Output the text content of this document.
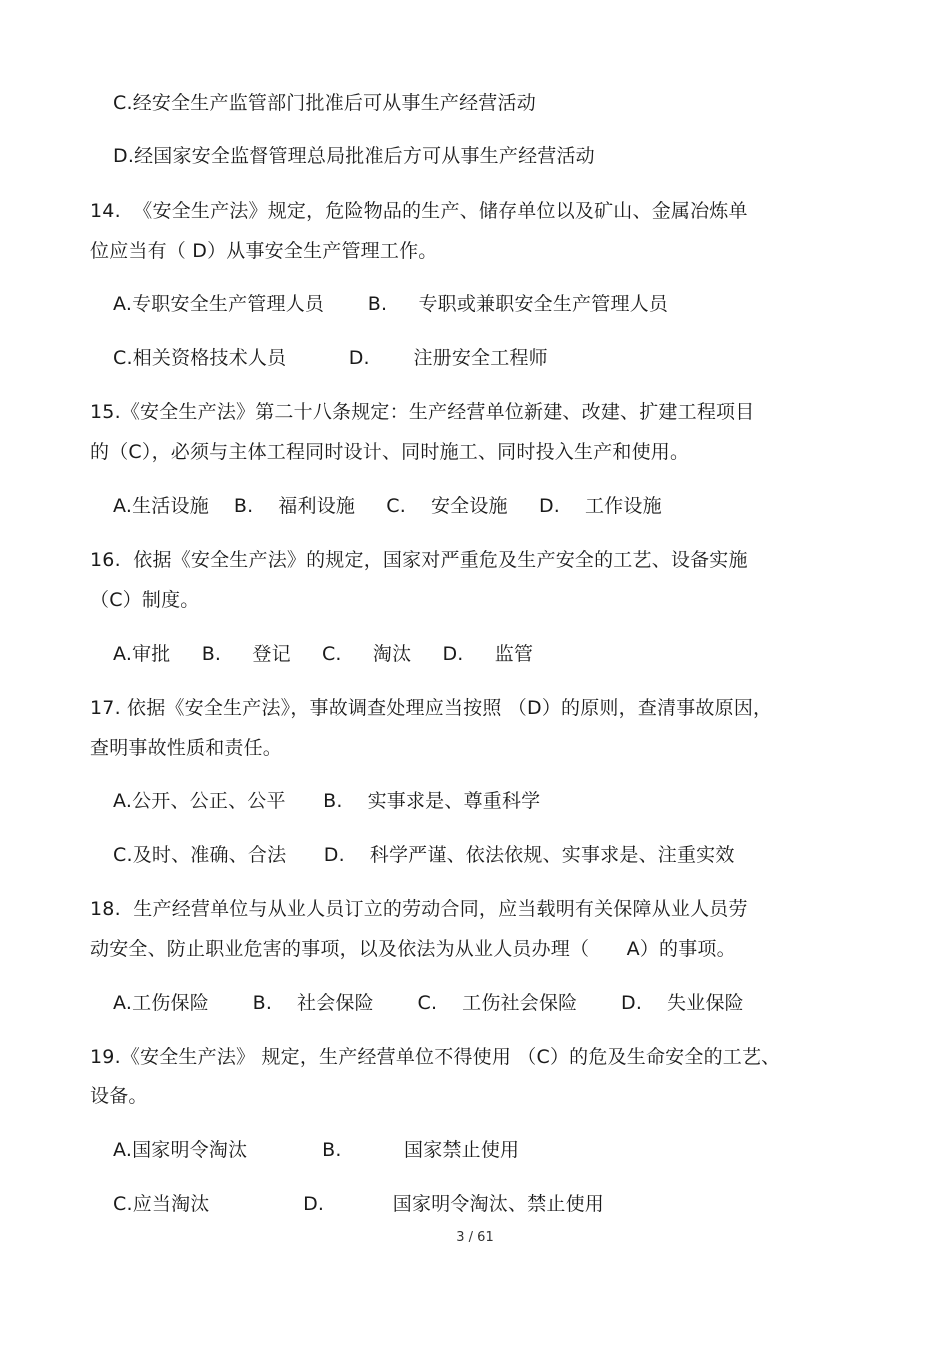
C.经安全生产监管部门批准后可从事生产经营活动
D.经国家安全监督管理总局批准后方可从事生产经营活动
14.  《安全生产法》规定，危险物品的生产、储存单位以及矿山、金属冶炼单
位应当有（ D）从事安全生产管理工作。
A.专职安全生产管理人员       B.     专职或兼职安全生产管理人员
C.相关资格技术人员          D.       注册安全工程师
15.《安全生产法》第二十八条规定：生产经营单位新建、改建、扩建工程项目
的（C），必须与主体工程同时设计、同时施工、同时投入生产和使用。
A.生活设施    B.    福利设施     C.    安全设施     D.    工作设施
16.  依据《安全生产法》的规定，国家对严重危及生产安全的工艺、设备实施
（C）制度。
A.审批     B.     登记     C.     淘汰     D.     监管
17. 依据《安全生产法》，事故调查处理应当按照 （D）的原则，查清事故原因，
查明事故性质和责任。
A.公开、公正、公平      B.    实事求是、尊重科学
C.及时、准确、合法      D.    科学严谨、依法依规、实事求是、注重实效
18.  生产经营单位与从业人员订立的劳动合同，应当载明有关保障从业人员劳
动安全、防止职业危害的事项，以及依法为从业人员办理（      A）的事项。
A.工伤保险       B.    社会保险       C.    工伤社会保险       D.    失业保险
19.《安全生产法》 规定，生产经营单位不得使用 （C）的危及生命安全的工艺、
设备。
A.国家明令淘汰            B.          国家禁止使用
C.应当淘汰               D.           国家明令淘汰、禁止使用
3 / 61
